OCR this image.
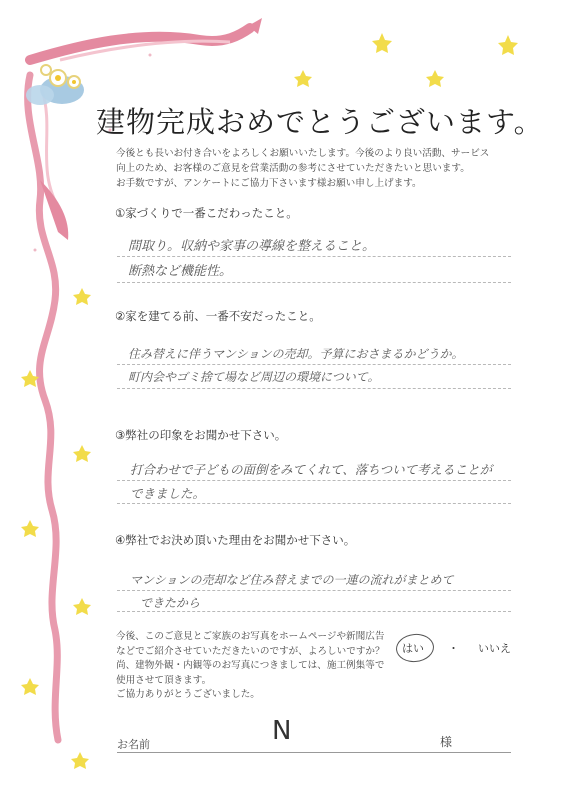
建物完成おめでとうございます。
今後とも長いお付き合いをよろしくお願いいたします。今後のより良い活動、サービス
向上のため、お客様のご意見を営業活動の参考にさせていただきたいと思います。
お手数ですが、アンケートにご協力下さいます様お願い申し上げます。
①家づくりで一番こだわったこと。
間取り。収納や家事の導線を整えること。
断熱など機能性。
②家を建てる前、一番不安だったこと。
住み替えに伴うマンションの売却。予算におさまるかどうか。
町内会やゴミ捨て場など周辺の環境について。
③弊社の印象をお聞かせ下さい。
打合わせで子どもの面倒をみてくれて、落ちついて考えることが
できました。
④弊社でお決め頂いた理由をお聞かせ下さい。
マンションの売却など住み替えまでの一連の流れがまとめて
できたから
今後、このご意見とご家族のお写真をホームページや新聞広告
などでご紹介させていただきたいのですが、よろしいですか？
尚、建物外観・内観等のお写真につきましては、施工例集等で
使用させて頂きます。
ご協力ありがとうございました。
はい ・ いいえ
お名前	N	様
